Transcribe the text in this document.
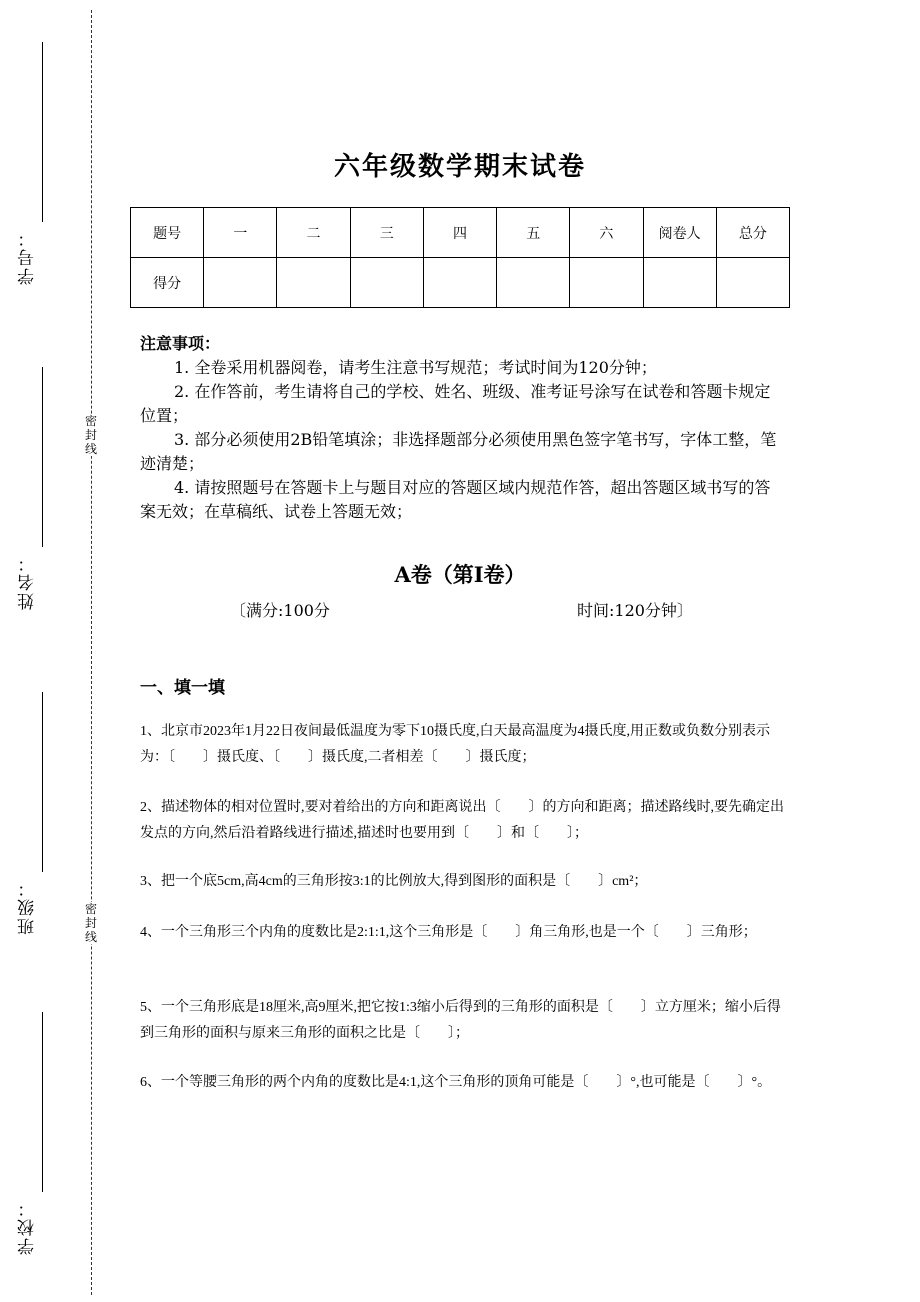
学号：
姓名：
班级：
学校：
密封线
密封线
六年级数学期末试卷
题号	一	二	三	四	五	六	阅卷人	总分
得分								
注意事项：
1. 全卷采用机器阅卷，请考生注意书写规范；考试时间为120分钟；
2. 在作答前，考生请将自己的学校、姓名、班级、准考证号涂写在试卷和答题卡规定位置；
3. 部分必须使用2B铅笔填涂；非选择题部分必须使用黑色签字笔书写，字体工整，笔迹清楚；
4. 请按照题号在答题卡上与题目对应的答题区域内规范作答，超出答题区域书写的答案无效；在草稿纸、试卷上答题无效；
A卷（第I卷）
〔满分:100分	时间:120分钟〕
一、填一填
1、北京市2023年1月22日夜间最低温度为零下10摄氏度,白天最高温度为4摄氏度,用正数或负数分别表示为：〔　　〕摄氏度、〔　　〕摄氏度,二者相差〔　　〕摄氏度；
2、描述物体的相对位置时,要对着给出的方向和距离说出〔　　〕的方向和距离；描述路线时,要先确定出发点的方向,然后沿着路线进行描述,描述时也要用到〔　　〕和〔　　〕；
3、把一个底5cm,高4cm的三角形按3:1的比例放大,得到图形的面积是〔　　〕cm²；
4、一个三角形三个内角的度数比是2:1:1,这个三角形是〔　　〕角三角形,也是一个〔　　〕三角形；
5、一个三角形底是18厘米,高9厘米,把它按1:3缩小后得到的三角形的面积是〔　　〕立方厘米；缩小后得到三角形的面积与原来三角形的面积之比是〔　　〕；
6、一个等腰三角形的两个内角的度数比是4:1,这个三角形的顶角可能是〔　　〕°,也可能是〔　　〕°。
